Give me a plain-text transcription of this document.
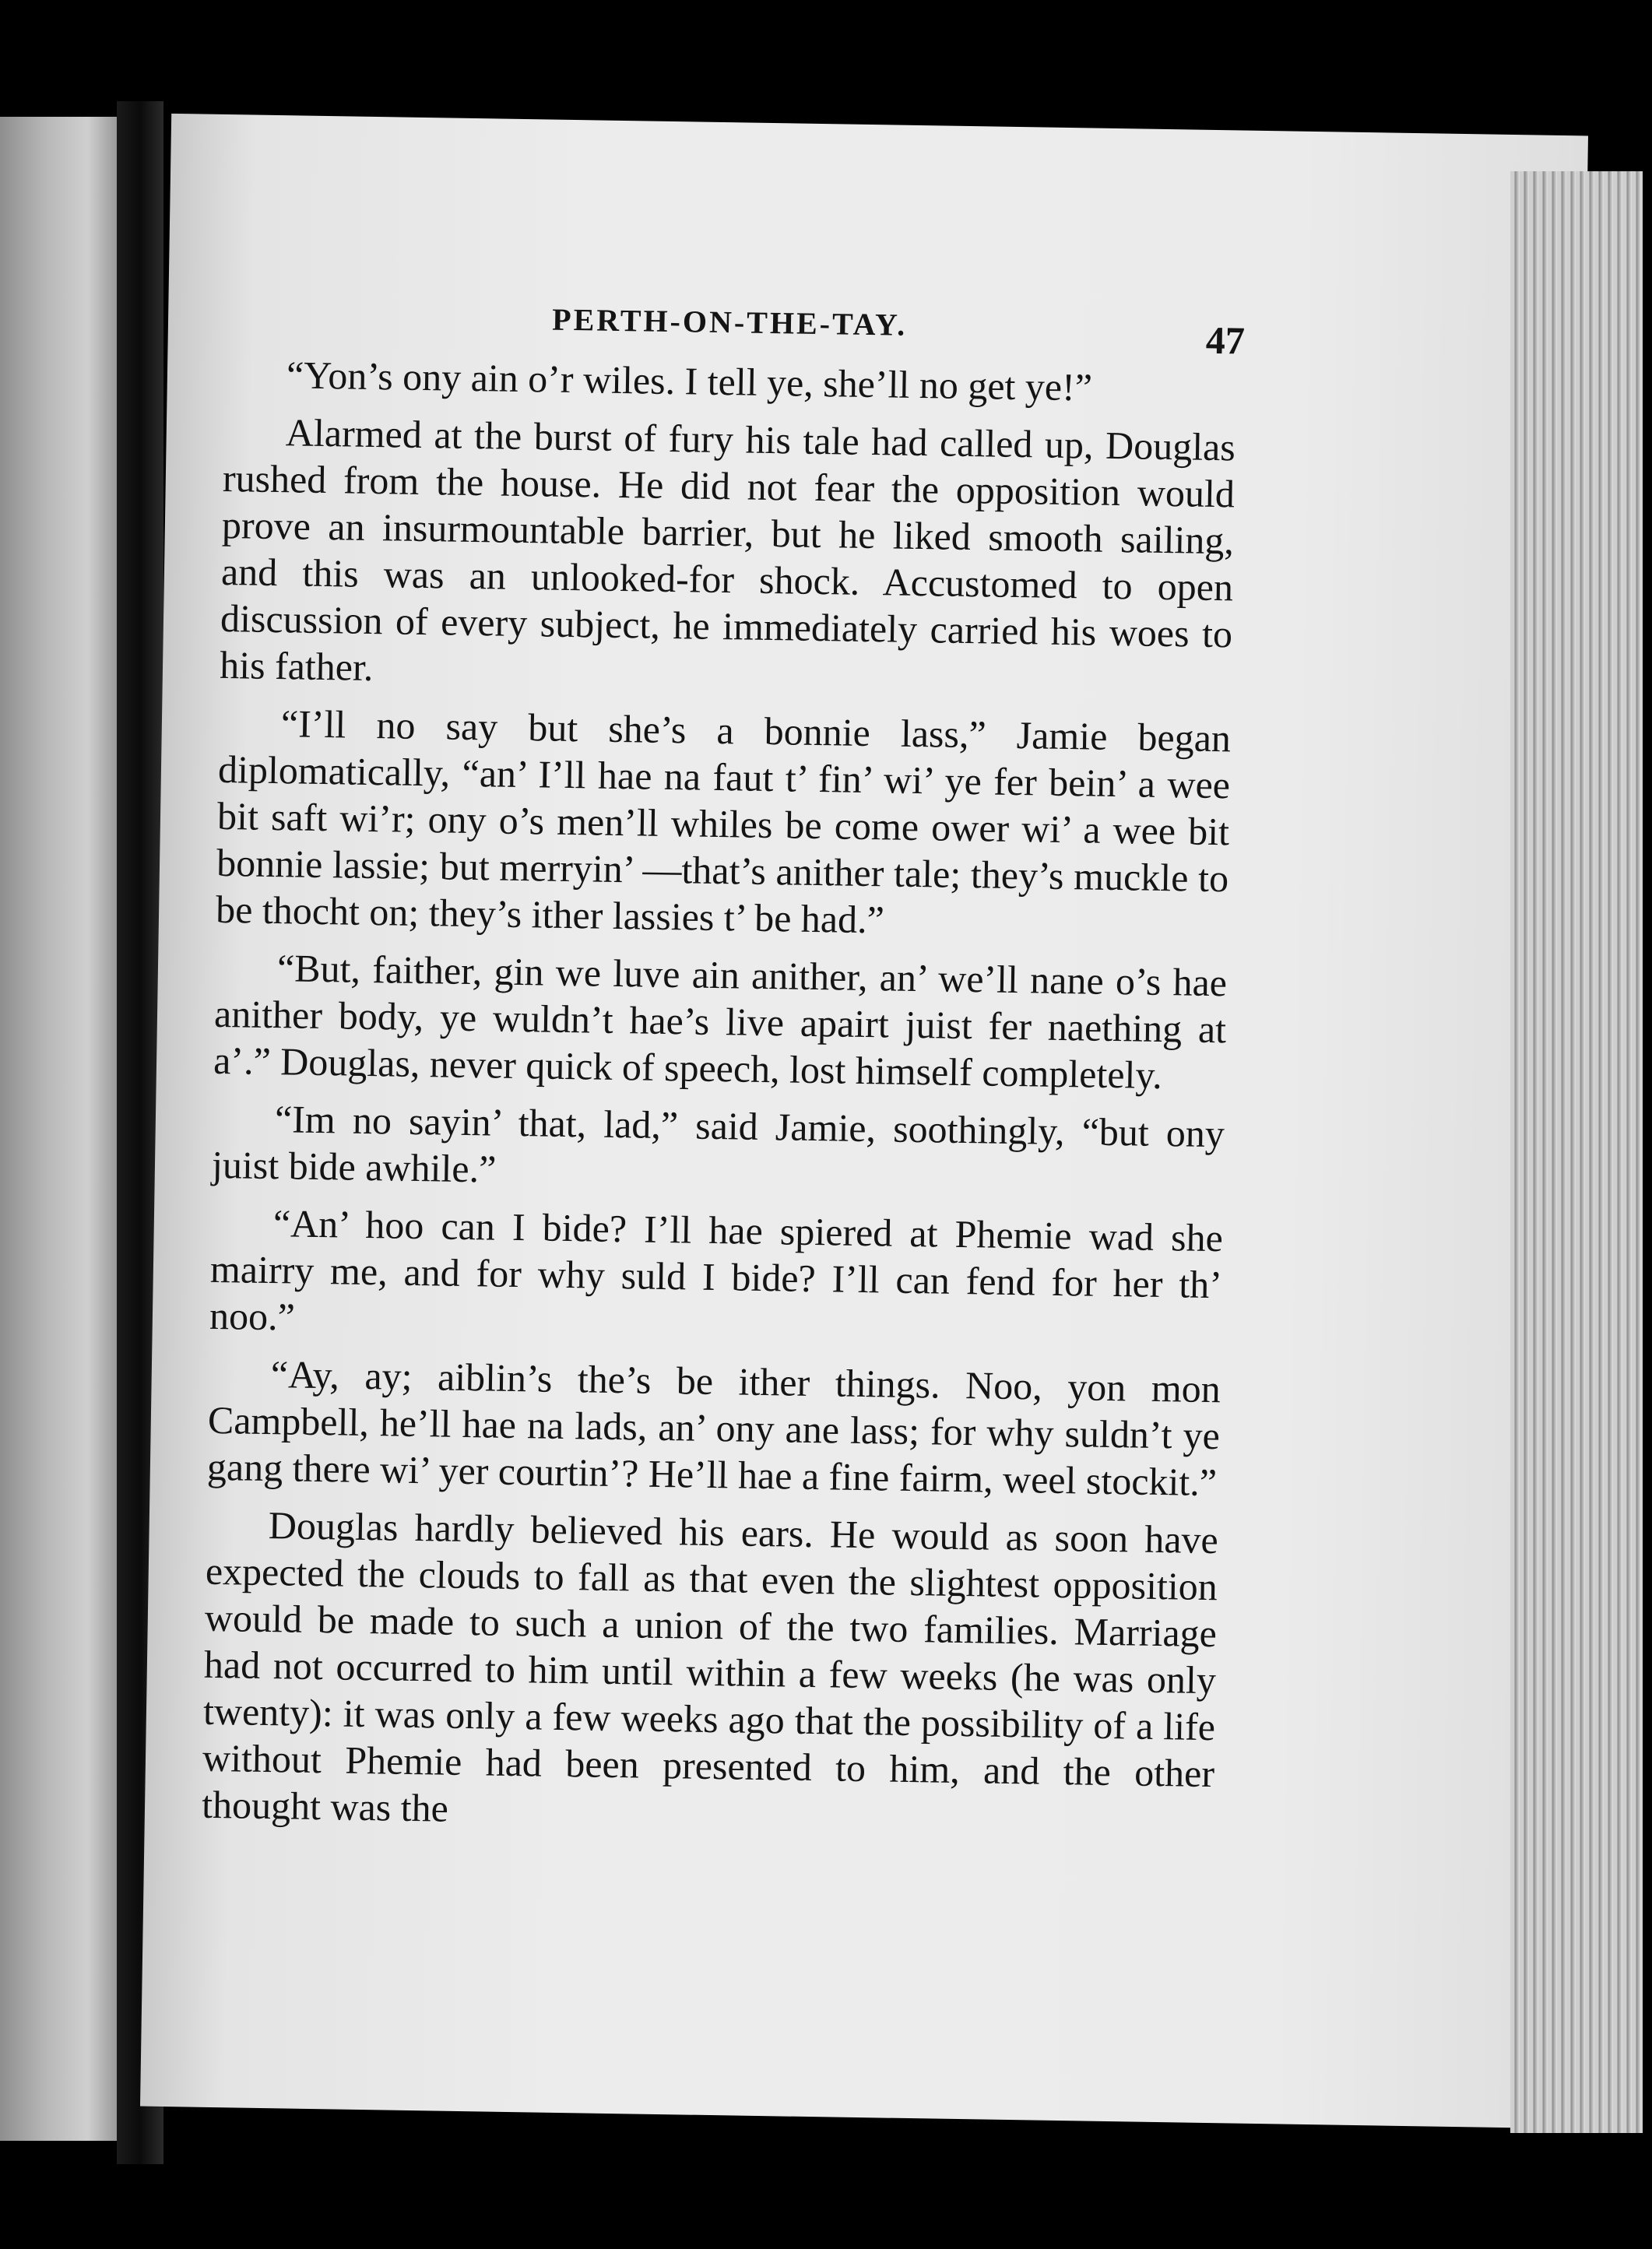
PERTH-ON-THE-TAY.	47

“Yon’s ony ain o’r wiles. I tell ye, she’ll no get ye!”

Alarmed at the burst of fury his tale had called up, Douglas rushed from the house. He did not fear the opposition would prove an insurmountable barrier, but he liked smooth sailing, and this was an unlooked-for shock. Accustomed to open discussion of every subject, he immediately carried his woes to his father.

“I’ll no say but she’s a bonnie lass,” Jamie began diplomatically, “an’ I’ll hae na faut t’ fin’ wi’ ye fer bein’ a wee bit saft wi’r; ony o’s men’ll whiles be come ower wi’ a wee bit bonnie lassie; but merryin’ —that’s anither tale; they’s muckle to be thocht on; they’s ither lassies t’ be had.”

“But, faither, gin we luve ain anither, an’ we’ll nane o’s hae anither body, ye wuldn’t hae’s live apairt juist fer naething at a’.” Douglas, never quick of speech, lost himself completely.

“Im no sayin’ that, lad,” said Jamie, soothingly, “but ony juist bide awhile.”

“An’ hoo can I bide? I’ll hae spiered at Phemie wad she mairry me, and for why suld I bide? I’ll can fend for her th’ noo.”

“Ay, ay; aiblin’s the’s be ither things. Noo, yon mon Campbell, he’ll hae na lads, an’ ony ane lass; for why suldn’t ye gang there wi’ yer courtin’? He’ll hae a fine fairm, weel stockit.”

Douglas hardly believed his ears. He would as soon have expected the clouds to fall as that even the slightest opposition would be made to such a union of the two families. Marriage had not occurred to him until within a few weeks (he was only twenty): it was only a few weeks ago that the possibility of a life without Phemie had been presented to him, and the other thought was the
